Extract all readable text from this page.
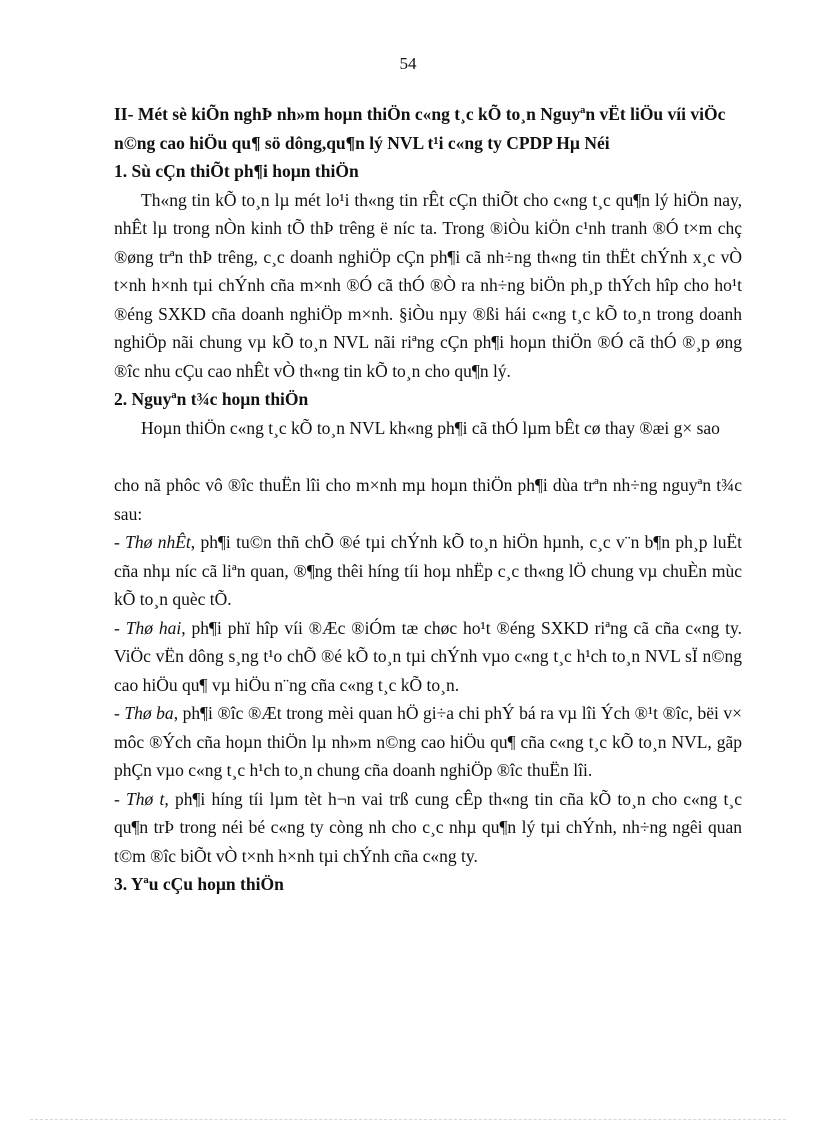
54

II- Mét sè kiÕn nghÞ nh»m hoµn thiÖn c«ng t¸c kÕ to¸n Nguyªn vËt liÖu víi viÖc n©ng cao hiÖu qu¶ sö dông,qu¶n lý NVL t¹i c«ng ty CPDP Hµ Néi

1. Sù cÇn thiÕt ph¶i hoµn thiÖn

Th«ng tin kÕ to¸n lµ mét lo¹i th«ng tin rÊt cÇn thiÕt cho c«ng t¸c qu¶n lý hiÖn nay, nhÊt lµ trong nÒn kinh tÕ thÞ trêng ë níc ta. Trong ®iÒu kiÖn c¹nh tranh ®Ó t×m chç ®øng trªn thÞ trêng, c¸c doanh nghiÖp cÇn ph¶i cã nh÷ng th«ng tin thËt chÝnh x¸c vÒ t×nh h×nh tµi chÝnh cña m×nh ®Ó cã thÓ ®Ò ra nh÷ng biÖn ph¸p thÝch hîp cho ho¹t ®éng SXKD cña doanh nghiÖp m×nh. §iÒu nµy ®ßi hái c«ng t¸c kÕ to¸n trong doanh nghiÖp nãi chung vµ kÕ to¸n NVL nãi riªng cÇn ph¶i hoµn thiÖn ®Ó cã thÓ ®¸p øng ®îc nhu cÇu cao nhÊt vÒ th«ng tin kÕ to¸n cho qu¶n lý.

2. Nguyªn t¾c hoµn thiÖn

Hoµn thiÖn c«ng t¸c kÕ to¸n NVL kh«ng ph¶i cã thÓ lµm bÊt cø thay ®æi g× sao

cho nã phôc vô ®îc thuËn lîi cho m×nh mµ hoµn thiÖn ph¶i dùa trªn nh÷ng nguyªn t¾c sau:

- Thø nhÊt, ph¶i tu©n thñ chÕ ®é tµi chÝnh kÕ to¸n hiÖn hµnh, c¸c v¨n b¶n ph¸p luËt cña nhµ níc cã liªn quan, ®¶ng thêi híng tíi hoµ nhËp c¸c th«ng lÖ chung vµ chuÈn mùc kÕ to¸n quèc tÕ.

- Thø hai, ph¶i phï hîp víi ®Æc ®iÓm tæ chøc ho¹t ®éng SXKD riªng cã cña c«ng ty. ViÖc vËn dông s¸ng t¹o chÕ ®é kÕ to¸n tµi chÝnh vµo c«ng t¸c h¹ch to¸n NVL sÏ n©ng cao hiÖu qu¶ vµ hiÖu n¨ng cña c«ng t¸c kÕ to¸n.

- Thø ba, ph¶i ®îc ®Æt trong mèi quan hÖ gi÷a chi phÝ bá ra vµ lîi Ých ®¹t ®îc, bëi v× môc ®Ých cña hoµn thiÖn lµ nh»m n©ng cao hiÖu qu¶ cña c«ng t¸c kÕ to¸n NVL, gãp phÇn vµo c«ng t¸c h¹ch to¸n chung cña doanh nghiÖp ®îc thuËn lîi.

- Thø t, ph¶i híng tíi lµm tèt h¬n vai trß cung cÊp th«ng tin cña kÕ to¸n cho c«ng t¸c qu¶n trÞ trong néi bé c«ng ty còng nh cho c¸c nhµ qu¶n lý tµi chÝnh, nh÷ng ngêi quan t©m ®îc biÕt vÒ t×nh h×nh tµi chÝnh cña c«ng ty.

3. Yªu cÇu hoµn thiÖn
